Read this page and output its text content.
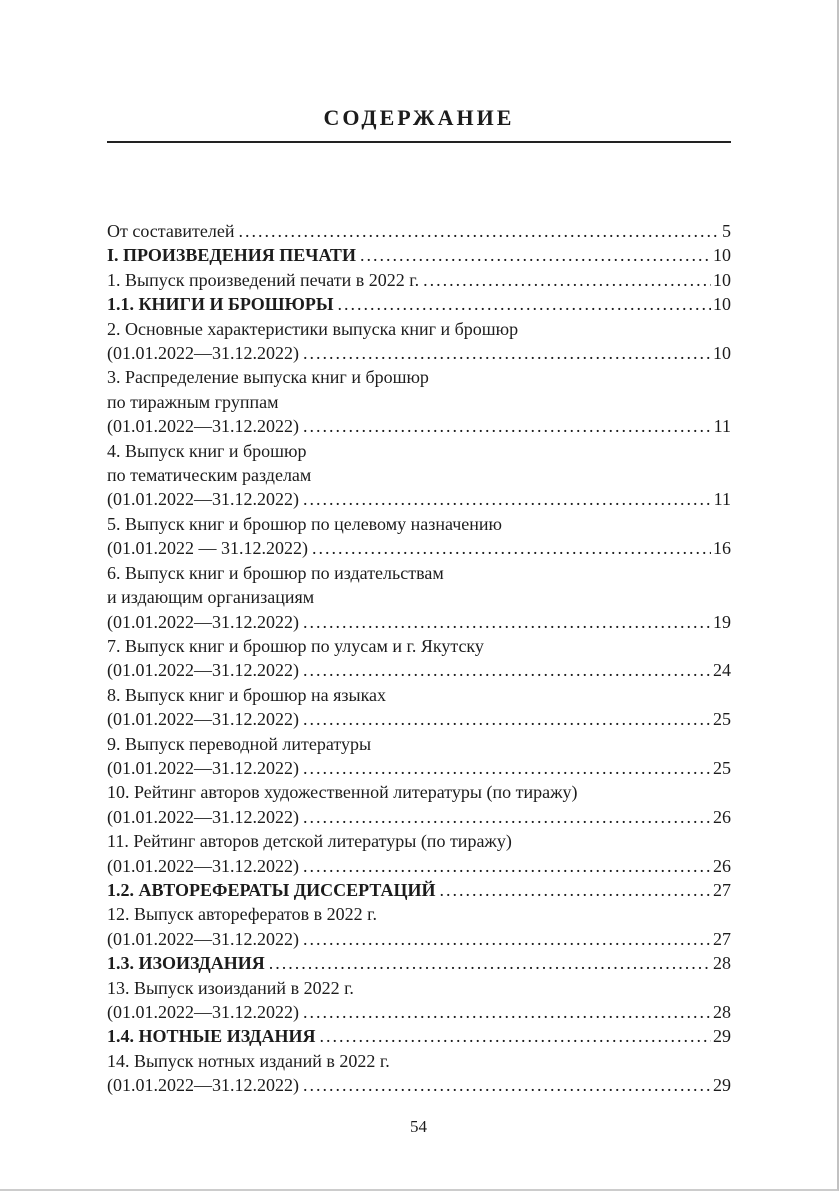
СОДЕРЖАНИЕ
От составителей .....	5
I. ПРОИЗВЕДЕНИЯ ПЕЧАТИ .....	10
1. Выпуск произведений печати в 2022 г. .....	10
1.1. КНИГИ И БРОШЮРЫ .....	10
2. Основные характеристики выпуска книг и брошюр
(01.01.2022—31.12.2022) .....	10
3. Распределение выпуска книг и брошюр
по тиражным группам
(01.01.2022—31.12.2022) .....	11
4. Выпуск книг и брошюр
по тематическим разделам
(01.01.2022—31.12.2022) .....	11
5. Выпуск книг и брошюр по целевому назначению
(01.01.2022 — 31.12.2022) .....	16
6. Выпуск книг и брошюр по издательствам
и издающим организациям
(01.01.2022—31.12.2022) .....	19
7. Выпуск книг и брошюр по улусам и г. Якутску
(01.01.2022—31.12.2022) .....	24
8. Выпуск книг и брошюр на языках
(01.01.2022—31.12.2022) .....	25
9. Выпуск переводной литературы
(01.01.2022—31.12.2022) .....	25
10. Рейтинг авторов художественной литературы (по тиражу)
(01.01.2022—31.12.2022) .....	26
11. Рейтинг авторов детской литературы (по тиражу)
(01.01.2022—31.12.2022) .....	26
1.2. АВТОРЕФЕРАТЫ ДИССЕРТАЦИЙ .....	27
12. Выпуск авторефератов в 2022 г.
(01.01.2022—31.12.2022) .....	27
1.3. ИЗОИЗДАНИЯ .....	28
13. Выпуск изоизданий в 2022 г.
(01.01.2022—31.12.2022) .....	28
1.4. НОТНЫЕ ИЗДАНИЯ .....	29
14. Выпуск нотных изданий в 2022 г.
(01.01.2022—31.12.2022) .....	29
54
